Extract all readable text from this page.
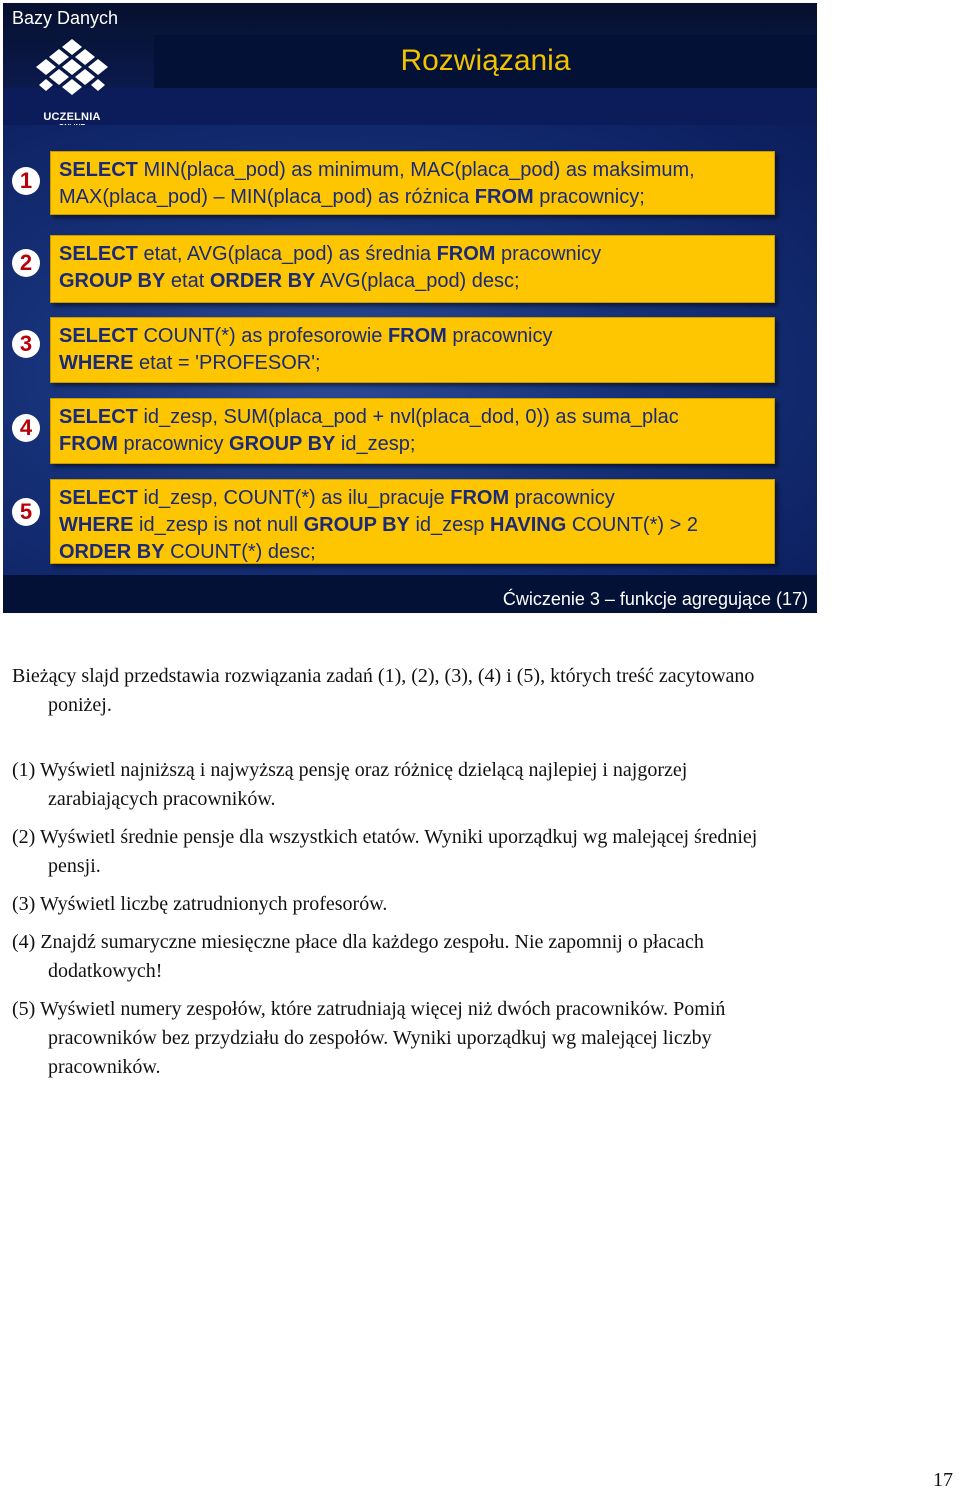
Bazy Danych
Rozwiązania
UCZELNIA
1	SELECT MIN(placa_pod) as minimum, MAC(placa_pod) as maksimum,
MAX(placa_pod) – MIN(placa_pod) as różnica FROM pracownicy;
2	SELECT etat, AVG(placa_pod) as średnia FROM pracownicy
GROUP BY etat ORDER BY AVG(placa_pod) desc;
3	SELECT COUNT(*) as profesorowie FROM pracownicy
WHERE etat = 'PROFESOR';
4	SELECT id_zesp, SUM(placa_pod + nvl(placa_dod, 0)) as suma_plac
FROM pracownicy GROUP BY id_zesp;
5
SELECT id_zesp, COUNT(*) as ilu_pracuje FROM pracownicy
WHERE id_zesp is not null GROUP BY id_zesp HAVING COUNT(*) > 2
ORDER BY COUNT(*) desc;
Ćwiczenie 3 – funkcje agregujące (17)

Bieżący slajd przedstawia rozwiązania zadań (1), (2), (3), (4) i (5), których treść zacytowano poniżej.

(1) Wyświetl najniższą i najwyższą pensję oraz różnicę dzielącą najlepiej i najgorzej zarabiających pracowników.

(2) Wyświetl średnie pensje dla wszystkich etatów. Wyniki uporządkuj wg malejącej średniej pensji.

(3) Wyświetl liczbę zatrudnionych profesorów.

(4) Znajdź sumaryczne miesięczne płace dla każdego zespołu. Nie zapomnij o płacach dodatkowych!

(5) Wyświetl numery zespołów, które zatrudniają więcej niż dwóch pracowników. Pomiń pracowników bez przydziału do zespołów. Wyniki uporządkuj wg malejącej liczby pracowników.

17
